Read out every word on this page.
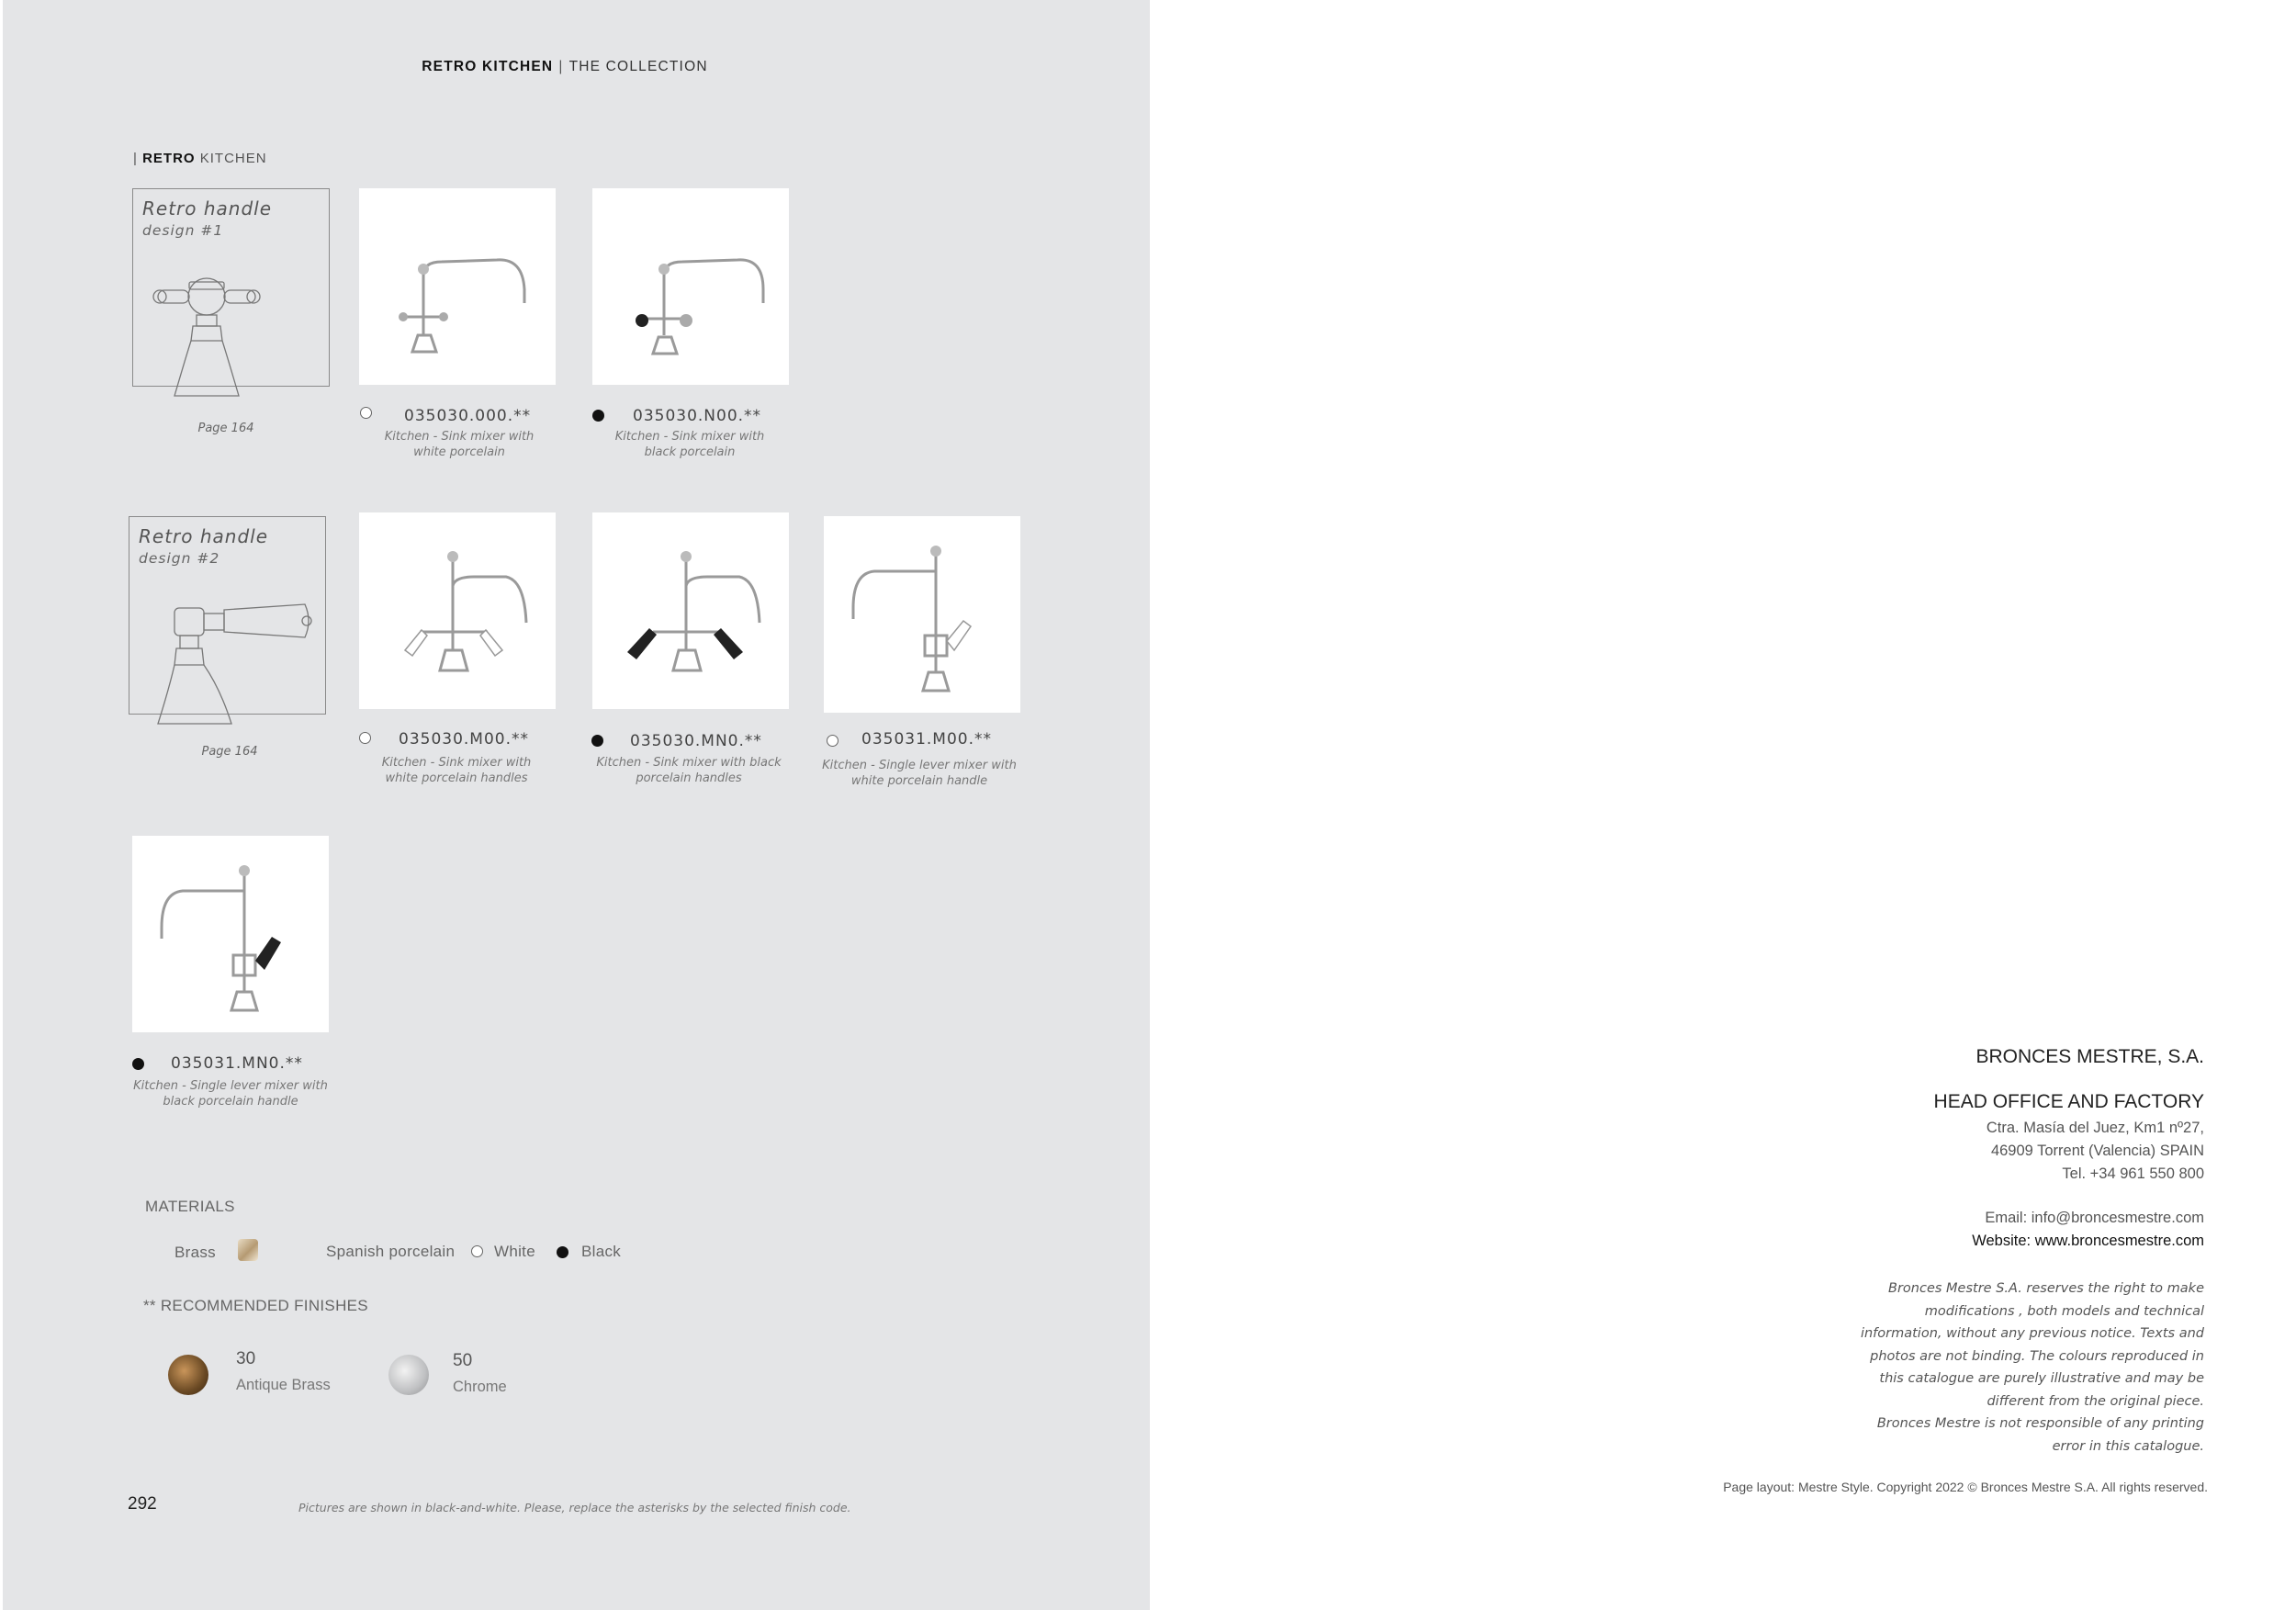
RETRO KITCHEN | THE COLLECTION
| RETRO KITCHEN
Retro handle
design #1
Page 164
Retro handle
design #2
Page 164
035030.000.**
Kitchen - Sink mixer with
white porcelain
035030.N00.**
Kitchen - Sink mixer with
black porcelain
035030.M00.**
Kitchen - Sink mixer with
white porcelain handles
035030.MN0.**
Kitchen - Sink mixer with black
porcelain handles
035031.M00.**
Kitchen - Single lever mixer with
white porcelain handle
035031.MN0.**
Kitchen - Single lever mixer with
black porcelain handle
MATERIALS
Brass	Spanish porcelain	White	Black
** RECOMMENDED FINISHES
30
Antique Brass
50
Chrome
292	Pictures are shown in black-and-white. Please, replace the asterisks by the selected finish code.
BRONCES MESTRE, S.A.
HEAD OFFICE AND FACTORY
Ctra. Masía del Juez, Km1 nº27,
46909 Torrent (Valencia) SPAIN
Tel. +34 961 550 800
Email: info@broncesmestre.com
Website: www.broncesmestre.com
Bronces Mestre S.A. reserves the right to make
modifications , both models and technical
information, without any previous notice. Texts and
photos are not binding. The colours reproduced in
this catalogue are purely illustrative and may be
different from the original piece.
Bronces Mestre is not responsible of any printing
error in this catalogue.
Page layout: Mestre Style. Copyright 2022 © Bronces Mestre S.A. All rights reserved.
